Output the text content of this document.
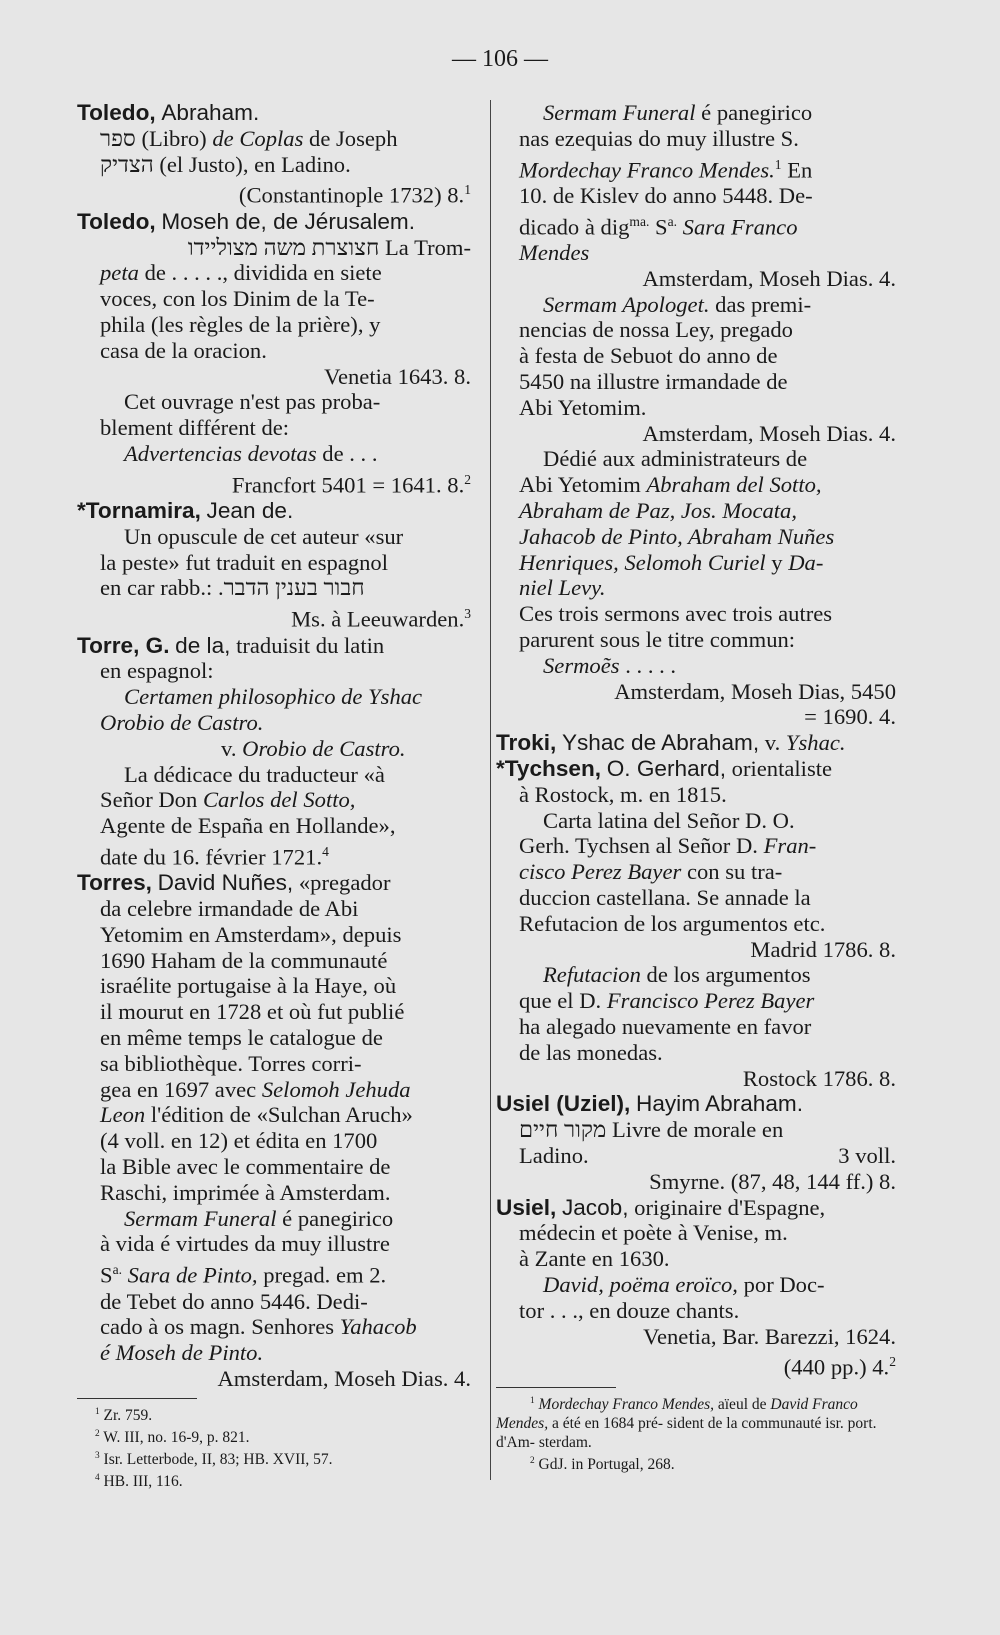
— 106 —

Toledo, Abraham.

ספר (Libro) de Coplas de Joseph

הצדיק (el Justo), en Ladino.

(Constantinople 1732) 8.$^1$

Toledo, Moseh de, de Jérusalem.

חצוצרת משה מצוליידו La Trom-

peta de . . . . ., dividida en siete

voces, con los Dinim de la Te-

phila (les règles de la prière), y

casa de la oracion.

Venetia 1643. 8.

Cet ouvrage n'est pas proba-

blement différent de:

Advertencias devotas de . . .

Francfort 5401 = 1641. 8.$^2$

*Tornamira, Jean de.

Un opuscule de cet auteur «sur

la peste» fut traduit en espagnol

en car rabb.: חבור בענין הדבר.

Ms. à Leeuwarden.$^3$

Torre, G. de la, traduisit du latin

en espagnol:

Certamen philosophico de Yshac

Orobio de Castro.

v. Orobio de Castro.

La dédicace du traducteur «à

Señor Don Carlos del Sotto,

Agente de España en Hollande»,

date du 16. février 1721.$^4$

Torres, David Nuñes, «pregador

da celebre irmandade de Abi

Yetomim en Amsterdam», depuis

1690 Haham de la communauté

israélite portugaise à la Haye, où

il mourut en 1728 et où fut publié

en même temps le catalogue de

sa bibliothèque. Torres corri-

gea en 1697 avec Selomoh Jehuda

Leon l'édition de «Sulchan Aruch»

(4 voll. en 12) et édita en 1700

la Bible avec le commentaire de

Raschi, imprimée à Amsterdam.

Sermam Funeral é panegirico

à vida é virtudes da muy illustre

$S^{a.}$ Sara de Pinto, pregad. em 2.

de Tebet do anno 5446. Dedi-

cado à os magn. Senhores Yahacob

é Moseh de Pinto.

Amsterdam, Moseh Dias. 4.

$^1$ Zr. 759.

$^2$ W. III, no. 16-9, p. 821.

$^3$ Isr. Letterbode, II, 83; HB. XVII, 57.

$^4$ HB. III, 116.

Sermam Funeral é panegirico

nas ezequias do muy illustre S.

Mordechay Franco Mendes.$^1$ En

10. de Kislev do anno 5448. De-

dicado à dig$^{ma.}$ $S^{a.}$ Sara Franco

Mendes

Amsterdam, Moseh Dias. 4.

Sermam Apologet. das premi-

nencias de nossa Ley, pregado

à festa de Sebuot do anno de

5450 na illustre irmandade de

Abi Yetomim.

Amsterdam, Moseh Dias. 4.

Dédié aux administrateurs de

Abi Yetomim Abraham del Sotto,

Abraham de Paz, Jos. Mocata,

Jahacob de Pinto, Abraham Nuñes

Henriques, Selomoh Curiel y Da-

niel Levy.

Ces trois sermons avec trois autres

parurent sous le titre commun:

Sermoẽs . . . . .

Amsterdam, Moseh Dias, 5450

= 1690. 4.

Troki, Yshac de Abraham, v. Yshac.

*Tychsen, O. Gerhard, orientaliste

à Rostock, m. en 1815.

Carta latina del Señor D. O.

Gerh. Tychsen al Señor D. Fran-

cisco Perez Bayer con su tra-

duccion castellana. Se annade la

Refutacion de los argumentos etc.

Madrid 1786. 8.

Refutacion de los argumentos

que el D. Francisco Perez Bayer

ha alegado nuevamente en favor

de las monedas.

Rostock 1786. 8.

Usiel (Uziel), Hayim Abraham.

מקור חיים Livre de morale en

Ladino.	3 voll.

Smyrne. (87, 48, 144 ff.) 8.

Usiel, Jacob, originaire d'Espagne,

médecin et poète à Venise, m.

à Zante en 1630.

David, poëma eroïco, por Doc-

tor . . ., en douze chants.

Venetia, Bar. Barezzi, 1624.

(440 pp.) 4.$^2$

$^1$ Mordechay Franco Mendes, aïeul de David Franco Mendes, a été en 1684 pré- sident de la communauté isr. port. d'Am- sterdam.

$^2$ GdJ. in Portugal, 268.
